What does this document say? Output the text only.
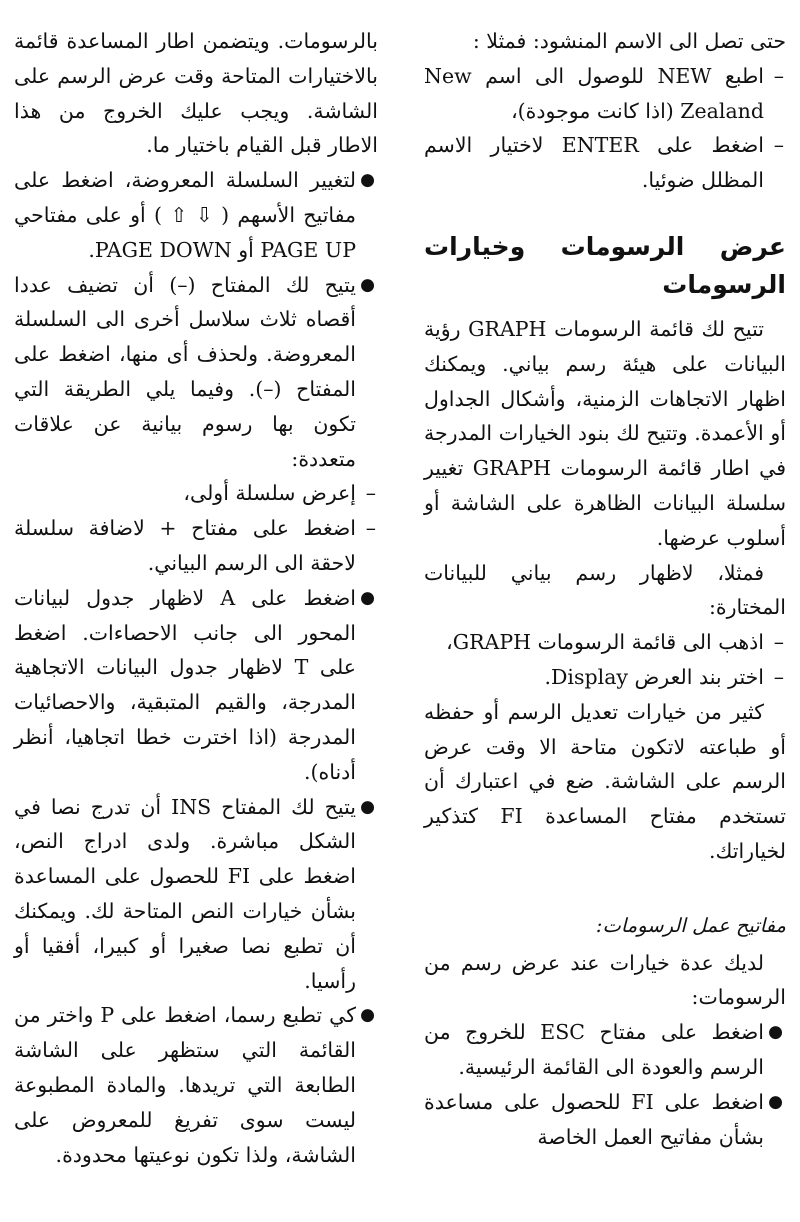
حتى تصل الى الاسم المنشود: فمثلا :

– اطبع NEW للوصول الى اسم New Zealand (اذا كانت موجودة)،

– اضغط على ENTER لاختيار الاسم المظلل ضوئيا.

عرض الرسومات وخيارات الرسومات

تتيح لك قائمة الرسومات GRAPH رؤية البيانات على هيئة رسم بياني. ويمكنك اظهار الاتجاهات الزمنية، وأشكال الجداول أو الأعمدة. وتتيح لك بنود الخيارات المدرجة في اطار قائمة الرسومات GRAPH تغيير سلسلة البيانات الظاهرة على الشاشة أو أسلوب عرضها.

فمثلا، لاظهار رسم بياني للبيانات المختارة:

– اذهب الى قائمة الرسومات GRAPH،

– اختر بند العرض Display.

كثير من خيارات تعديل الرسم أو حفظه أو طباعته لاتكون متاحة الا وقت عرض الرسم على الشاشة. ضع في اعتبارك أن تستخدم مفتاح المساعدة FI كتذكير لخياراتك.

مفاتيح عمل الرسومات:

لديك عدة خيارات عند عرض رسم من الرسومات:

●
اضغط على مفتاح ESC للخروج من الرسم والعودة الى القائمة الرئيسية.
●
اضغط على FI للحصول على مساعدة بشأن مفاتيح العمل الخاصة

بالرسومات. ويتضمن اطار المساعدة قائمة بالاختيارات المتاحة وقت عرض الرسم على الشاشة. ويجب عليك الخروج من هذا الاطار قبل القيام باختيار ما.

●
لتغيير السلسلة المعروضة، اضغط على مفاتيح الأسهم ( ⇩ ⇧ ) أو على مفتاحي PAGE UP أو PAGE DOWN.
●
يتيح لك المفتاح (–) أن تضيف عددا أقصاه ثلاث سلاسل أخرى الى السلسلة المعروضة. ولحذف أى منها، اضغط على المفتاح (–). وفيما يلي الطريقة التي تكون بها رسوم بيانية عن علاقات متعددة:

– إعرض سلسلة أولى،

– اضغط على مفتاح + لاضافة سلسلة لاحقة الى الرسم البياني.

●
اضغط على A لاظهار جدول لبيانات المحور الى جانب الاحصاءات. اضغط على T لاظهار جدول البيانات الاتجاهية المدرجة، والقيم المتبقية، والاحصائيات المدرجة (اذا اخترت خطا اتجاهيا، أنظر أدناه).
●
يتيح لك المفتاح INS أن تدرج نصا في الشكل مباشرة. ولدى ادراج النص، اضغط على FI للحصول على المساعدة بشأن خيارات النص المتاحة لك. ويمكنك أن تطبع نصا صغيرا أو كبيرا، أفقيا أو رأسيا.
●
كي تطبع رسما، اضغط على P واختر من القائمة التي ستظهر على الشاشة الطابعة التي تريدها. والمادة المطبوعة ليست سوى تفريغ للمعروض على الشاشة، ولذا تكون نوعيتها محدودة.
